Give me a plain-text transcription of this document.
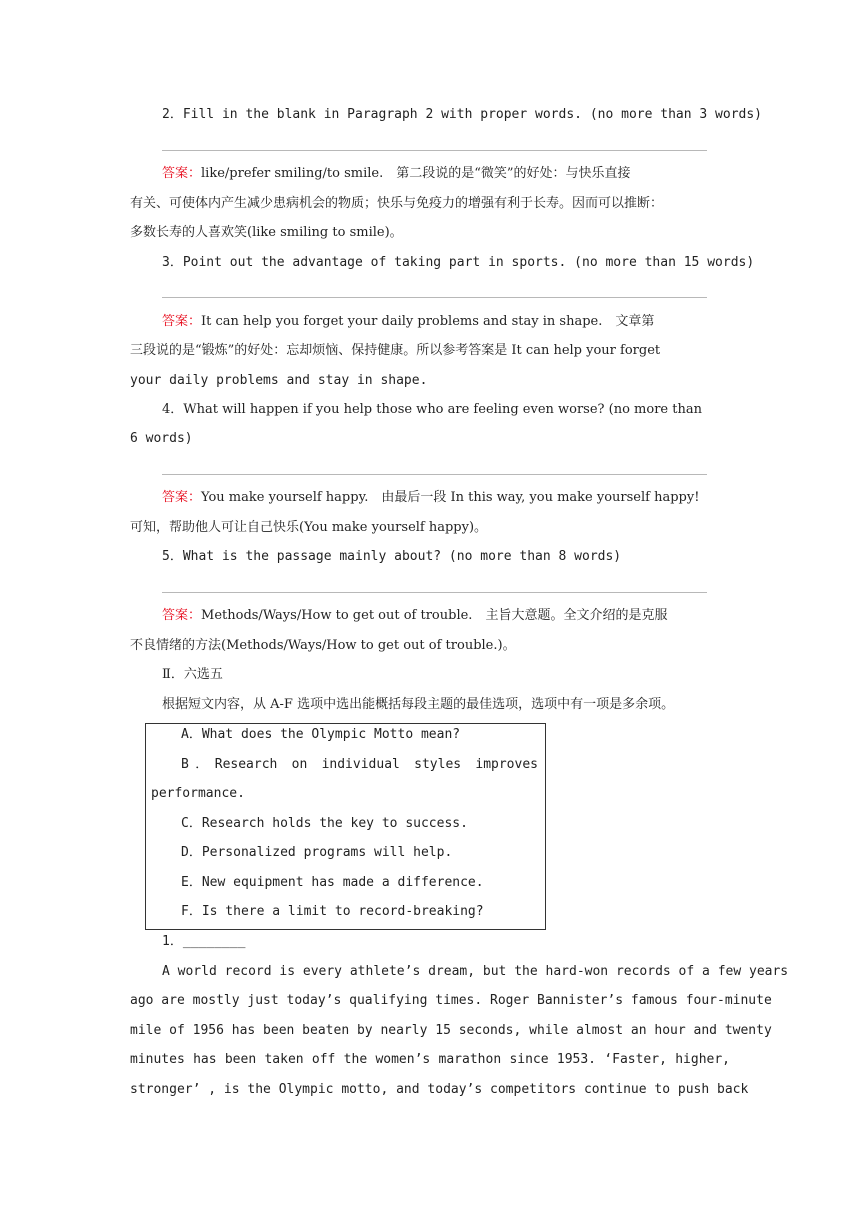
2．Fill in the blank in Paragraph 2 with proper words. (no more than 3 words)
答案：like/prefer smiling/to smile.　第二段说的是“微笑”的好处：与快乐直接
有关、可使体内产生减少患病机会的物质；快乐与免疫力的增强有利于长寿。因而可以推断：
多数长寿的人喜欢笑(like smiling to smile)。
3．Point out the advantage of taking part in sports. (no more than 15 words)
答案：It can help you forget your daily problems and stay in shape.　文章第
三段说的是“锻炼”的好处：忘却烦恼、保持健康。所以参考答案是 It can help your forget
your daily problems and stay in shape.
4．What will happen if you help those who are feeling even worse? (no more than
6 words)
答案：You make yourself happy.　由最后一段 In this way, you make yourself happy!
可知，帮助他人可让自己快乐(You make yourself happy)。
5．What is the passage mainly about? (no more than 8 words)
答案：Methods/Ways/How to get out of trouble.　主旨大意题。全文介绍的是克服
不良情绪的方法(Methods/Ways/How to get out of trouble.)。
Ⅱ．六选五
根据短文内容，从 A-F 选项中选出能概括每段主题的最佳选项，选项中有一项是多余项。
A．What does the Olympic Motto mean?
B．Research on individual styles improves
performance.
C．Research holds the key to success.
D．Personalized programs will help.
E．New equipment has made a difference.
F．Is there a limit to record-breaking?
1．________
A world record is every athlete’s dream, but the hard-won records of a few years
ago are mostly just today’s qualifying times. Roger Bannister’s famous four-minute
mile of 1956 has been beaten by nearly 15 seconds, while almost an hour and twenty
minutes has been taken off the women’s marathon since 1953. ‘Faster, higher,
stronger’ , is the Olympic motto, and today’s competitors continue to push back
